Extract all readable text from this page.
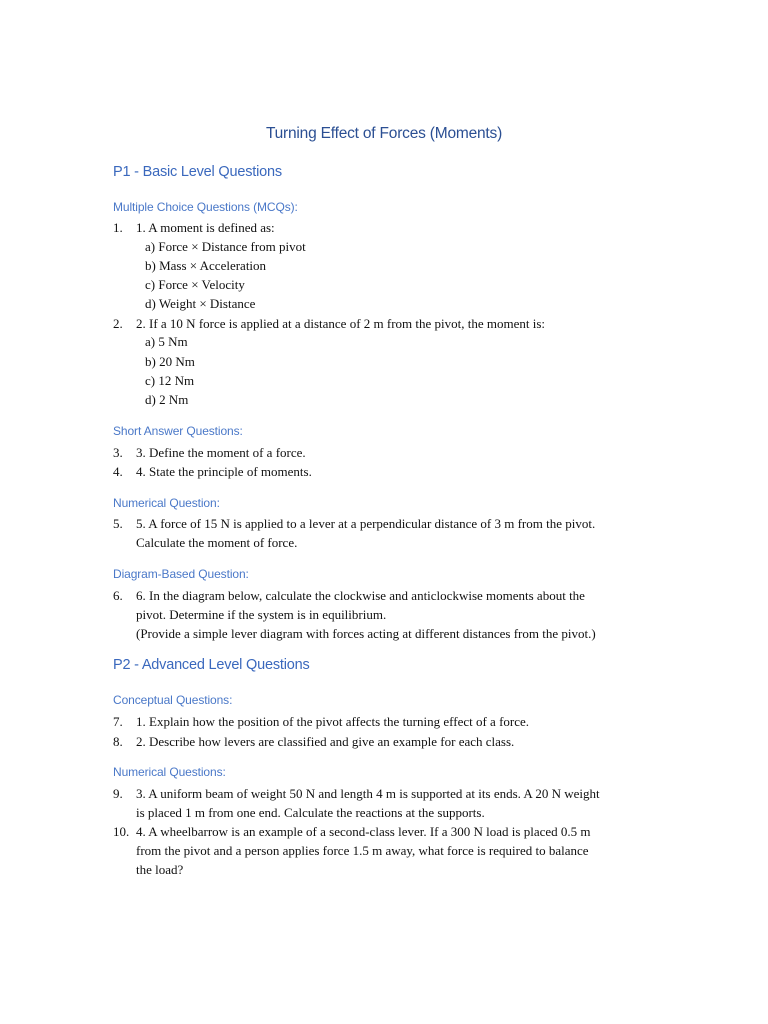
Turning Effect of Forces (Moments)
P1 - Basic Level Questions
Multiple Choice Questions (MCQs):
1. 1. A moment is defined as:
a) Force × Distance from pivot
b) Mass × Acceleration
c) Force × Velocity
d) Weight × Distance
2. 2. If a 10 N force is applied at a distance of 2 m from the pivot, the moment is:
a) 5 Nm
b) 20 Nm
c) 12 Nm
d) 2 Nm
Short Answer Questions:
3. 3. Define the moment of a force.
4. 4. State the principle of moments.
Numerical Question:
5. 5. A force of 15 N is applied to a lever at a perpendicular distance of 3 m from the pivot.
Calculate the moment of force.
Diagram-Based Question:
6. 6. In the diagram below, calculate the clockwise and anticlockwise moments about the
pivot. Determine if the system is in equilibrium.
(Provide a simple lever diagram with forces acting at different distances from the pivot.)
P2 - Advanced Level Questions
Conceptual Questions:
7. 1. Explain how the position of the pivot affects the turning effect of a force.
8. 2. Describe how levers are classified and give an example for each class.
Numerical Questions:
9. 3. A uniform beam of weight 50 N and length 4 m is supported at its ends. A 20 N weight
is placed 1 m from one end. Calculate the reactions at the supports.
10. 4. A wheelbarrow is an example of a second-class lever. If a 300 N load is placed 0.5 m
from the pivot and a person applies force 1.5 m away, what force is required to balance
the load?
